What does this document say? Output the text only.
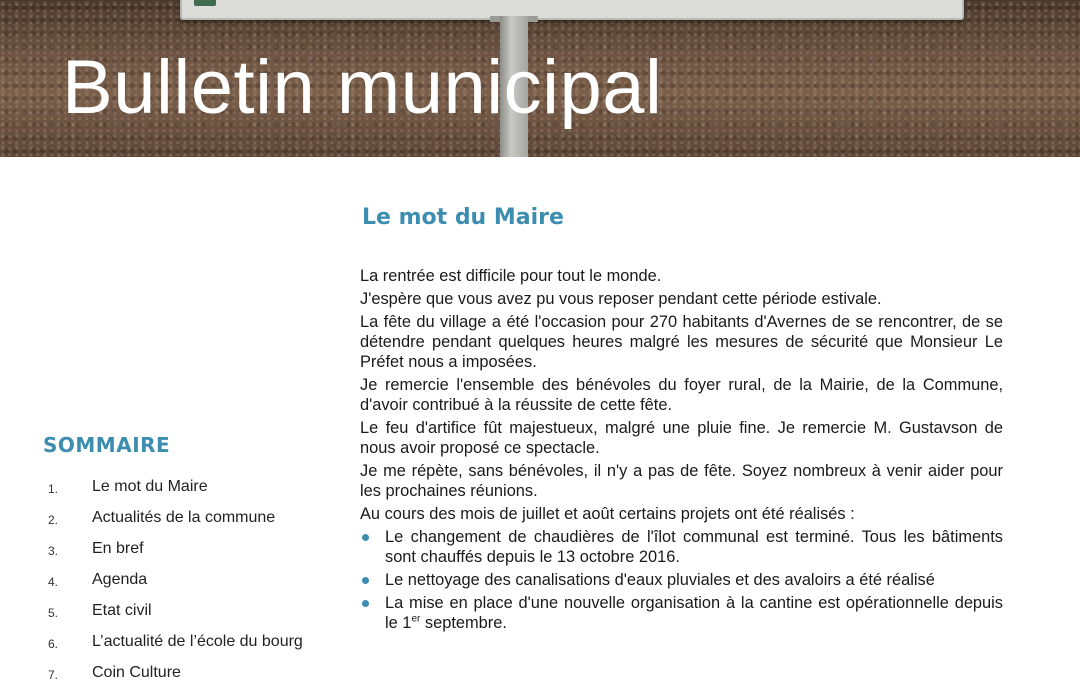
Bulletin municipal
SOMMAIRE
1.	Le mot du Maire
2.	Actualités de la commune
3.	En bref
4.	Agenda
5.	Etat civil
6.	L’actualité de l’école du bourg
7.	Coin Culture
Le mot du Maire

La rentrée est difficile pour tout le monde.

J'espère que vous avez pu vous reposer pendant cette période estivale.

La fête du village a été l'occasion pour 270 habitants d'Avernes de se rencontrer, de se détendre pendant quelques heures malgré les mesures de sécurité que Monsieur Le Préfet nous a imposées.

Je remercie l'ensemble des bénévoles du foyer rural, de la Mairie, de la Commune, d'avoir contribué à la réussite de cette fête.

Le feu d'artifice fût majestueux, malgré une pluie fine. Je remercie M. Gustavson de nous avoir proposé ce spectacle.

Je me répète, sans bénévoles, il n'y a pas de fête. Soyez nombreux à venir aider pour les prochaines réunions.

Au cours des mois de juillet et août certains projets ont été réalisés :

Le changement de chaudières de l'îlot communal est terminé. Tous les bâtiments sont chauffés depuis le 13 octobre 2016.
Le nettoyage des canalisations d'eaux pluviales et des avaloirs a été réalisé
La mise en place d'une nouvelle organisation à la cantine est opérationnelle depuis le 1er septembre.
